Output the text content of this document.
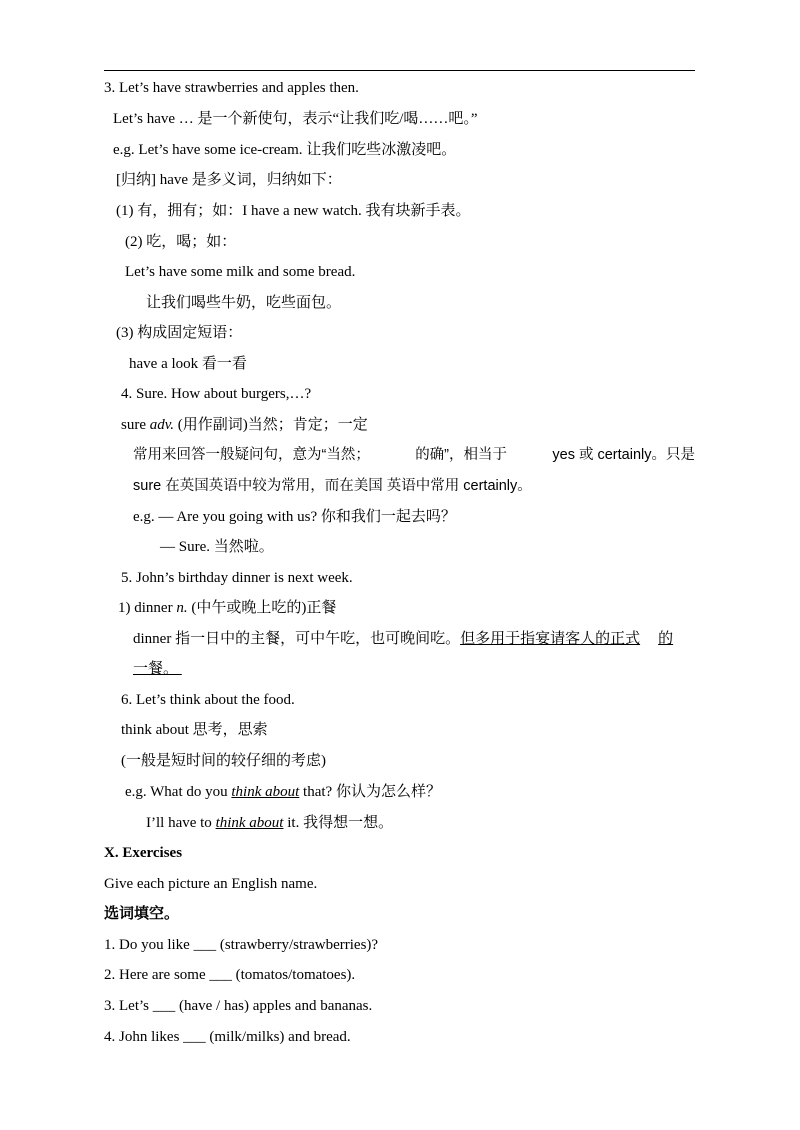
3. Let’s have strawberries and apples then.
Let’s have … 是一个新使句，表示“让我们吃/喝……吧。”
e.g. Let’s have some ice-cream. 让我们吃些冰激凌吧。
[归纳] have 是多义词，归纳如下：
(1) 有，拥有；如：I have a new watch. 我有块新手表。
(2) 吃，喝；如：
Let’s have some milk and some bread.
让我们喝些牛奶，吃些面包。
(3) 构成固定短语：
have a look 看一看
4. Sure. How about burgers,…?
sure adv. (用作副词)当然；肯定；一定
常用来回答一般疑问句，意为“当然；	的确”，相当于	yes 或 certainly。只是
sure 在英国英语中较为常用，而在美国 英语中常用 certainly。
e.g. — Are you going with us? 你和我们一起去吗？
— Sure. 当然啦。
5. John’s birthday dinner is next week.
1) dinner n. (中午或晚上吃的)正餐
dinner 指一日中的主餐，可中午吃，也可晚间吃。但多用于指宴请客人的正式 的
一餐。
6. Let’s think about the food.
think about 思考，思索
(一般是短时间的较仔细的考虑)
e.g. What do you think about that? 你认为怎么样？
I’ll have to think about it. 我得想一想。
X. Exercises
Give each picture an English name.
选词填空。
1. Do you like ___ (strawberry/strawberries)?
2. Here are some ___ (tomatos/tomatoes).
3. Let’s ___ (have / has) apples and bananas.
4. John likes ___ (milk/milks) and bread.
